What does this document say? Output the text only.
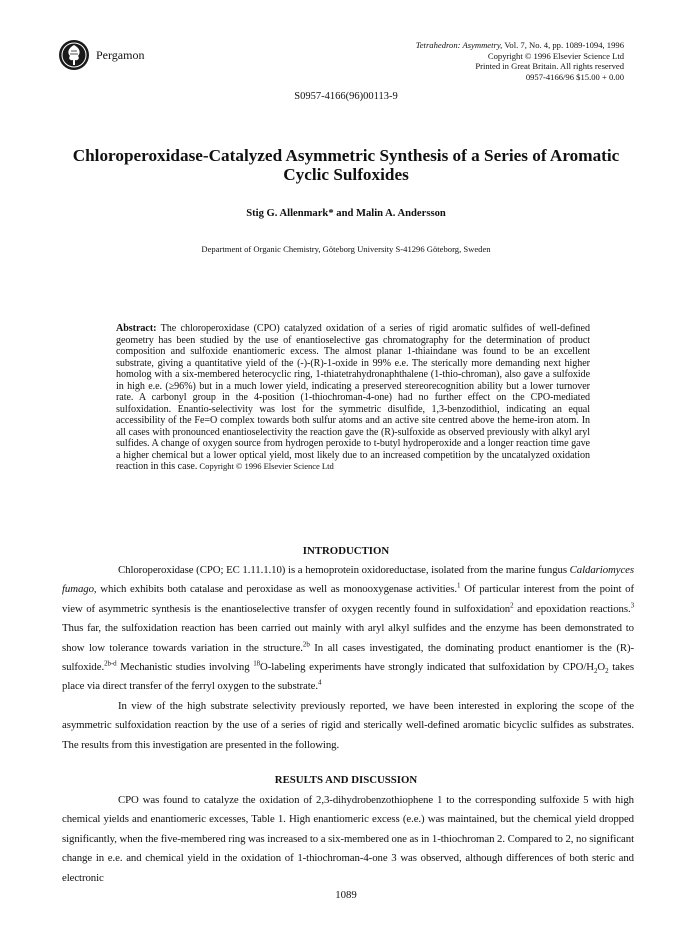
Pergamon
Tetrahedron: Asymmetry, Vol. 7, No. 4, pp. 1089-1094, 1996
Copyright © 1996 Elsevier Science Ltd
Printed in Great Britain. All rights reserved
0957-4166/96 $15.00 + 0.00
S0957-4166(96)00113-9
Chloroperoxidase-Catalyzed Asymmetric Synthesis of a Series of Aromatic Cyclic Sulfoxides
Stig G. Allenmark* and Malin A. Andersson
Department of Organic Chemistry, Göteborg University S-41296 Göteborg, Sweden
Abstract: The chloroperoxidase (CPO) catalyzed oxidation of a series of rigid aromatic sulfides of well-defined geometry has been studied by the use of enantioselective gas chromatography for the determination of product composition and sulfoxide enantiomeric excess. The almost planar 1-thiaindane was found to be an excellent substrate, giving a quantitative yield of the (-)-(R)-1-oxide in 99% e.e. The sterically more demanding next higher homolog with a six-membered heterocyclic ring, 1-thiatetrahydronaphthalene (1-thio-chroman), also gave a sulfoxide in high e.e. (≥96%) but in a much lower yield, indicating a preserved stereorecognition ability but a lower turnover rate. A carbonyl group in the 4-position (1-thiochroman-4-one) had no further effect on the CPO-mediated sulfoxidation. Enantio-selectivity was lost for the symmetric disulfide, 1,3-benzodithiol, indicating an equal accessibility of the Fe=O complex towards both sulfur atoms and an active site centred above the heme-iron atom. In all cases with pronounced enantioselectivity the reaction gave the (R)-sulfoxide as observed previously with alkyl aryl sulfides. A change of oxygen source from hydrogen peroxide to t-butyl hydroperoxide and a longer reaction time gave a higher chemical but a lower optical yield, most likely due to an increased competition by the uncatalyzed oxidation reaction in this case. Copyright © 1996 Elsevier Science Ltd
INTRODUCTION
Chloroperoxidase (CPO; EC 1.11.1.10) is a hemoprotein oxidoreductase, isolated from the marine fungus Caldariomyces fumago, which exhibits both catalase and peroxidase as well as monooxygenase activities.$^1$ Of particular interest from the point of view of asymmetric synthesis is the enantioselective transfer of oxygen recently found in sulfoxidation$^2$ and epoxidation reactions.$^3$ Thus far, the sulfoxidation reaction has been carried out mainly with aryl alkyl sulfides and the enzyme has been demonstrated to show low tolerance towards variation in the structure.$^{2b}$ In all cases investigated, the dominating product enantiomer is the (R)-sulfoxide.$^{2b-d}$ Mechanistic studies involving $^{18}$O-labeling experiments have strongly indicated that sulfoxidation by CPO/$H_2O_2$ takes place via direct transfer of the ferryl oxygen to the substrate.$^4$
In view of the high substrate selectivity previously reported, we have been interested in exploring the scope of the asymmetric sulfoxidation reaction by the use of a series of rigid and sterically well-defined aromatic bicyclic sulfides as substrates. The results from this investigation are presented in the following.
RESULTS AND DISCUSSION
CPO was found to catalyze the oxidation of 2,3-dihydrobenzothiophene 1 to the corresponding sulfoxide 5 with high chemical yields and enantiomeric excesses, Table 1. High enantiomeric excess (e.e.) was maintained, but the chemical yield dropped significantly, when the five-membered ring was increased to a six-membered one as in 1-thiochroman 2. Compared to 2, no significant change in e.e. and chemical yield in the oxidation of 1-thiochroman-4-one 3 was observed, although differences of both steric and electronic
1089
